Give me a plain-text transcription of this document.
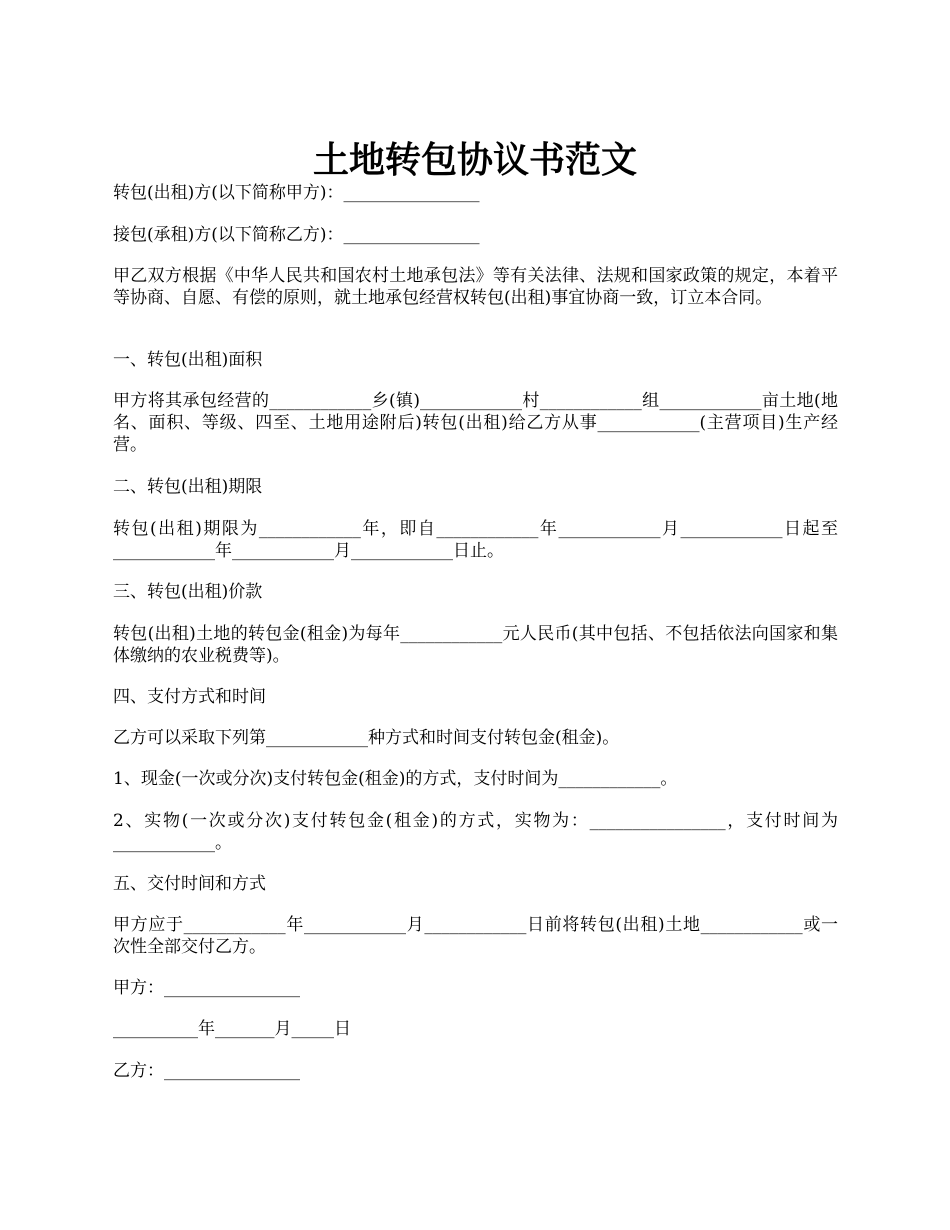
土地转包协议书范文

转包(出租)方(以下简称甲方)：________________

接包(承租)方(以下简称乙方)：________________

甲乙双方根据《中华人民共和国农村土地承包法》等有关法律、法规和国家政策的规定，本着平等协商、自愿、有偿的原则，就土地承包经营权转包(出租)事宜协商一致，订立本合同。

一、转包(出租)面积

甲方将其承包经营的____________乡(镇)____________村____________组____________亩土地(地名、面积、等级、四至、土地用途附后)转包(出租)给乙方从事____________(主营项目)生产经营。

二、转包(出租)期限

转包(出租)期限为____________年，即自____________年____________月____________日起至____________年____________月____________日止。

三、转包(出租)价款

转包(出租)土地的转包金(租金)为每年____________元人民币(其中包括、不包括依法向国家和集体缴纳的农业税费等)。

四、支付方式和时间

乙方可以采取下列第____________种方式和时间支付转包金(租金)。

1、现金(一次或分次)支付转包金(租金)的方式，支付时间为____________。

2、实物(一次或分次)支付转包金(租金)的方式，实物为：________________，支付时间为____________。

五、交付时间和方式

甲方应于____________年____________月____________日前将转包(出租)土地____________或一次性全部交付乙方。

甲方：________________

__________年_______月_____日

乙方：________________
